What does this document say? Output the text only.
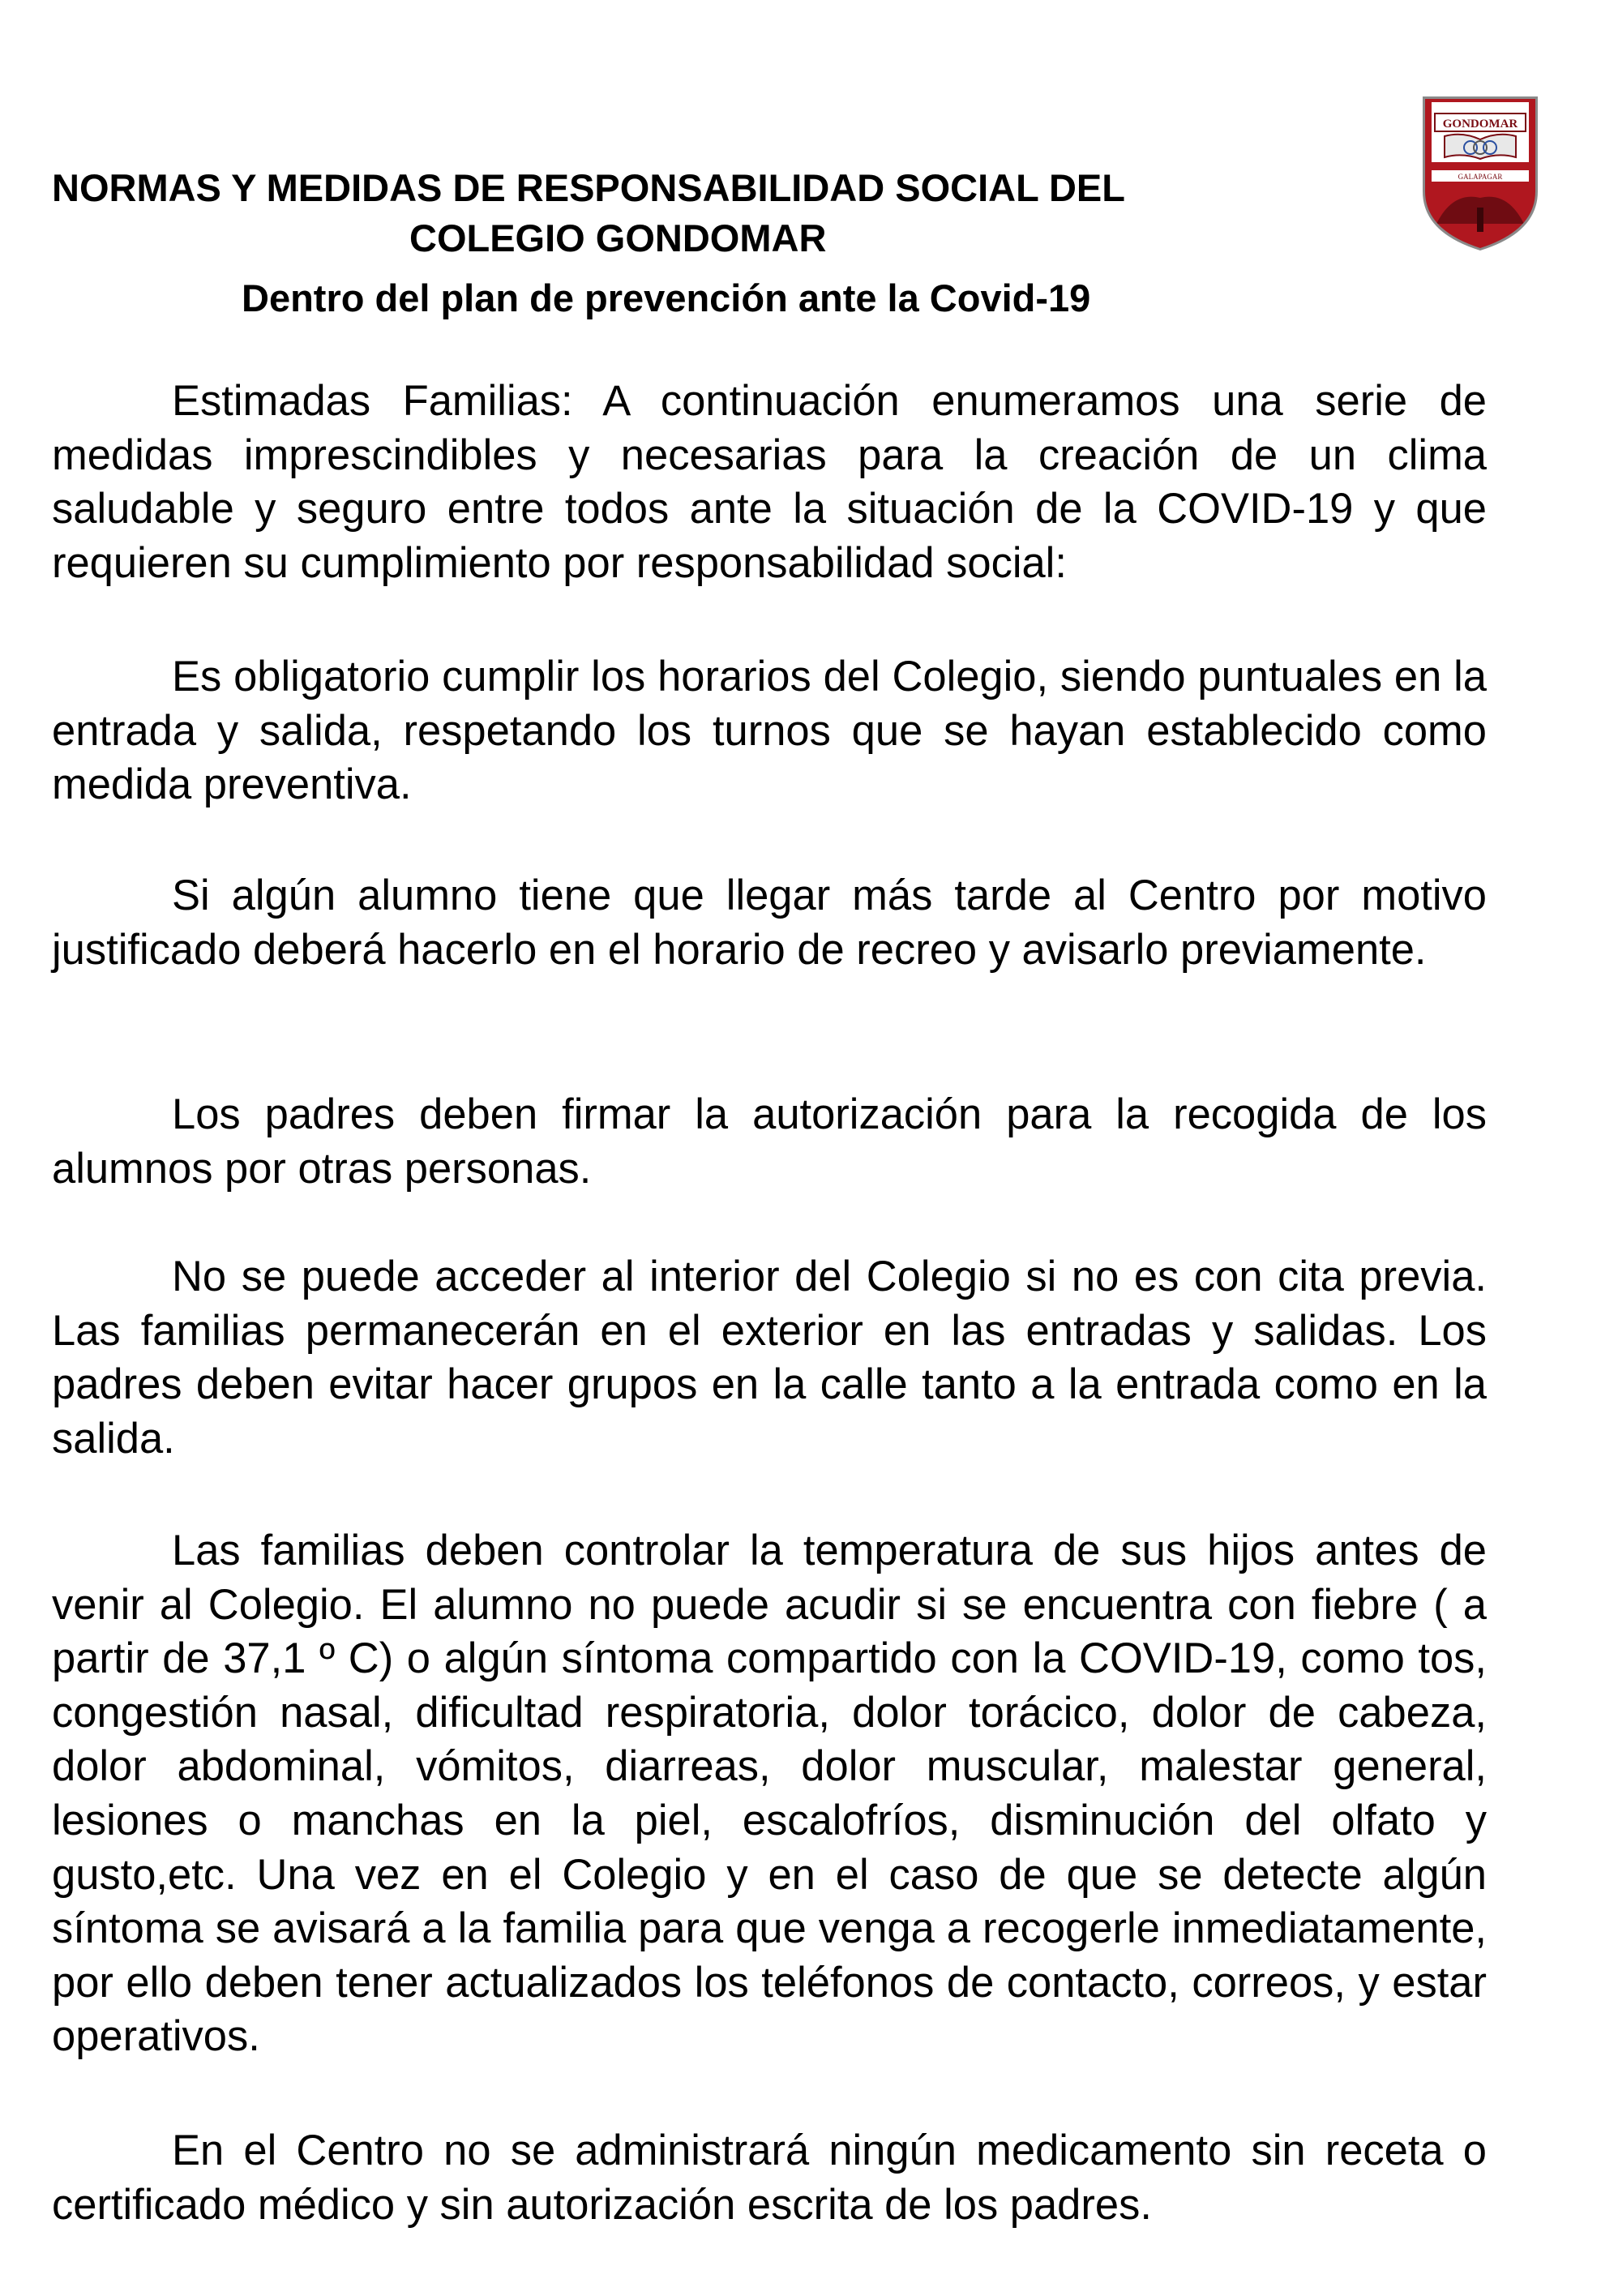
NORMAS Y MEDIDAS DE RESPONSABILIDAD SOCIAL DEL
COLEGIO GONDOMAR
Dentro del plan de prevención ante la Covid-19
COLEGIO
GONDOMAR
GALAPAGAR

Estimadas Familias: A continuación enumeramos una serie de medidas imprescindibles y necesarias para la creación de un clima saludable y seguro entre todos ante la situación de la COVID-19 y que requieren su cumplimiento por responsabilidad social:

Es obligatorio cumplir los horarios del Colegio, siendo puntuales en la entrada y salida, respetando los turnos que se hayan establecido como medida preventiva.

Si algún alumno tiene que llegar más tarde al Centro por motivo justificado deberá hacerlo en el horario de recreo y avisarlo previamente.

Los padres deben firmar la autorización para la recogida de los alumnos por otras personas.

No se puede acceder al interior del Colegio si no es con cita previa. Las familias permanecerán en el exterior en las entradas y salidas. Los padres deben evitar hacer grupos en la calle tanto a la entrada como en la salida.

Las familias deben controlar la temperatura de sus hijos antes de venir al Colegio. El alumno no puede acudir si se encuentra con fiebre ( a partir de 37,1 º C) o algún síntoma compartido con la COVID-19, como tos, congestión nasal, dificultad respiratoria, dolor torácico, dolor de cabeza, dolor abdominal, vómitos, diarreas, dolor muscular, malestar general, lesiones o manchas en la piel, escalofríos, disminución del olfato y gusto,etc. Una vez en el Colegio y en el caso de que se detecte algún síntoma se avisará a la familia para que venga a recogerle inmediatamente, por ello deben tener actualizados los teléfonos de contacto, correos, y estar operativos.

En el Centro no se administrará ningún medicamento sin receta o certificado médico y sin autorización escrita de los padres.
